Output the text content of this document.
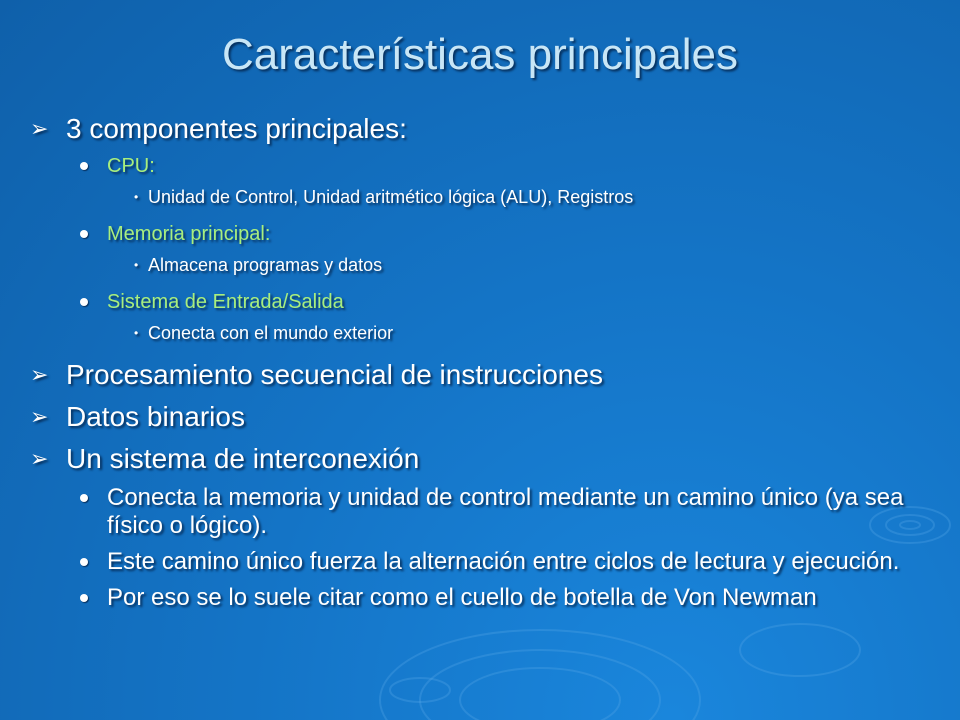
Características principales
➢ 3 componentes principales:
CPU:
• Unidad de Control, Unidad aritmético lógica (ALU), Registros
Memoria principal:
• Almacena programas y datos
Sistema de Entrada/Salida
• Conecta con el mundo exterior
➢ Procesamiento secuencial de instrucciones
➢ Datos binarios
➢ Un sistema de interconexión
Conecta la memoria y unidad de control mediante un camino único (ya sea físico o lógico).
Este camino único fuerza la alternación entre ciclos de lectura y ejecución.
Por eso se lo suele citar como el cuello de botella de Von Newman
